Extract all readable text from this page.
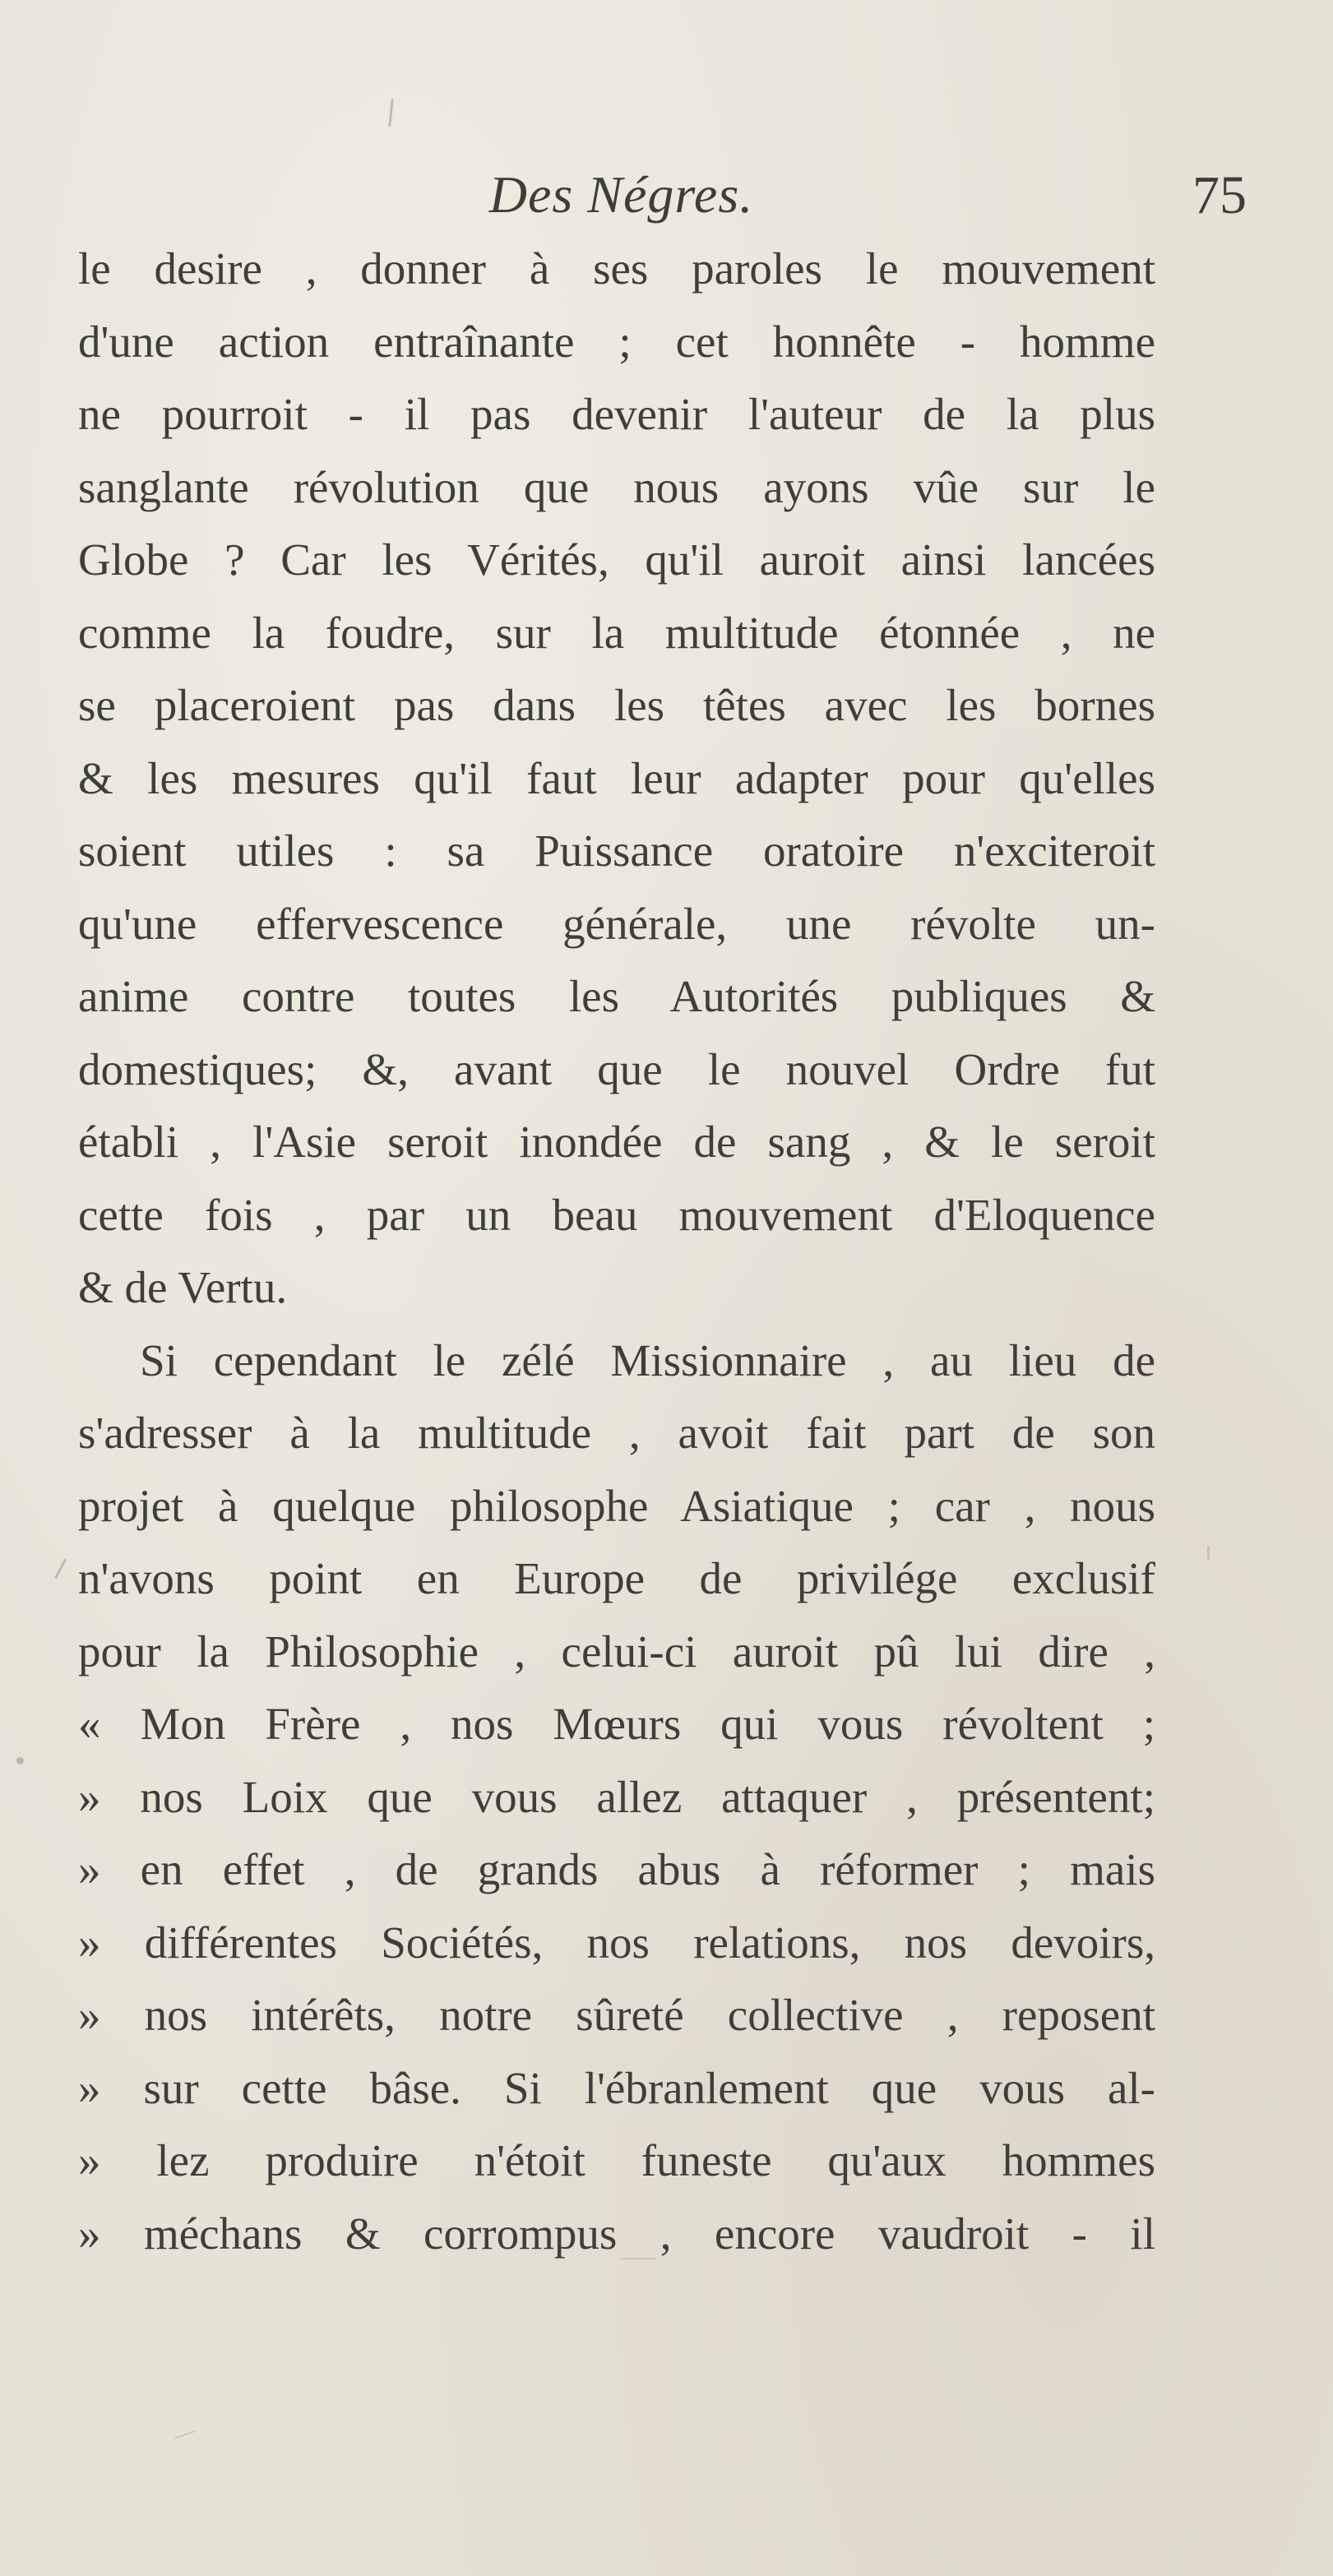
Des Négres.	75
le desire , donner à ses paroles le mouvement
d'une action entraînante ; cet honnête - homme
ne pourroit - il pas devenir l'auteur de la plus
sanglante révolution que nous ayons vûe sur le
Globe ? Car les Vérités, qu'il auroit ainsi lancées
comme la foudre, sur la multitude étonnée , ne
se placeroient pas dans les têtes avec les bornes
& les mesures qu'il faut leur adapter pour qu'elles
soient utiles : sa Puissance oratoire n'exciteroit
qu'une effervescence générale, une révolte un-
anime contre toutes les Autorités publiques &
domestiques; &, avant que le nouvel Ordre fut
établi , l'Asie seroit inondée de sang , & le seroit
cette fois , par un beau mouvement d'Eloquence
& de Vertu.
Si cependant le zélé Missionnaire , au lieu de
s'adresser à la multitude , avoit fait part de son
projet à quelque philosophe Asiatique ; car , nous
n'avons point en Europe de privilége exclusif
pour la Philosophie , celui-ci auroit pû lui dire ,
« Mon Frère , nos Mœurs qui vous révoltent ;
» nos Loix que vous allez attaquer , présentent;
» en effet , de grands abus à réformer ; mais
» différentes Sociétés, nos relations, nos devoirs,
» nos intérêts, notre sûreté collective , reposent
» sur cette bâse. Si l'ébranlement que vous al-
» lez produire n'étoit funeste qu'aux hommes
» méchans & corrompus , encore vaudroit - il
